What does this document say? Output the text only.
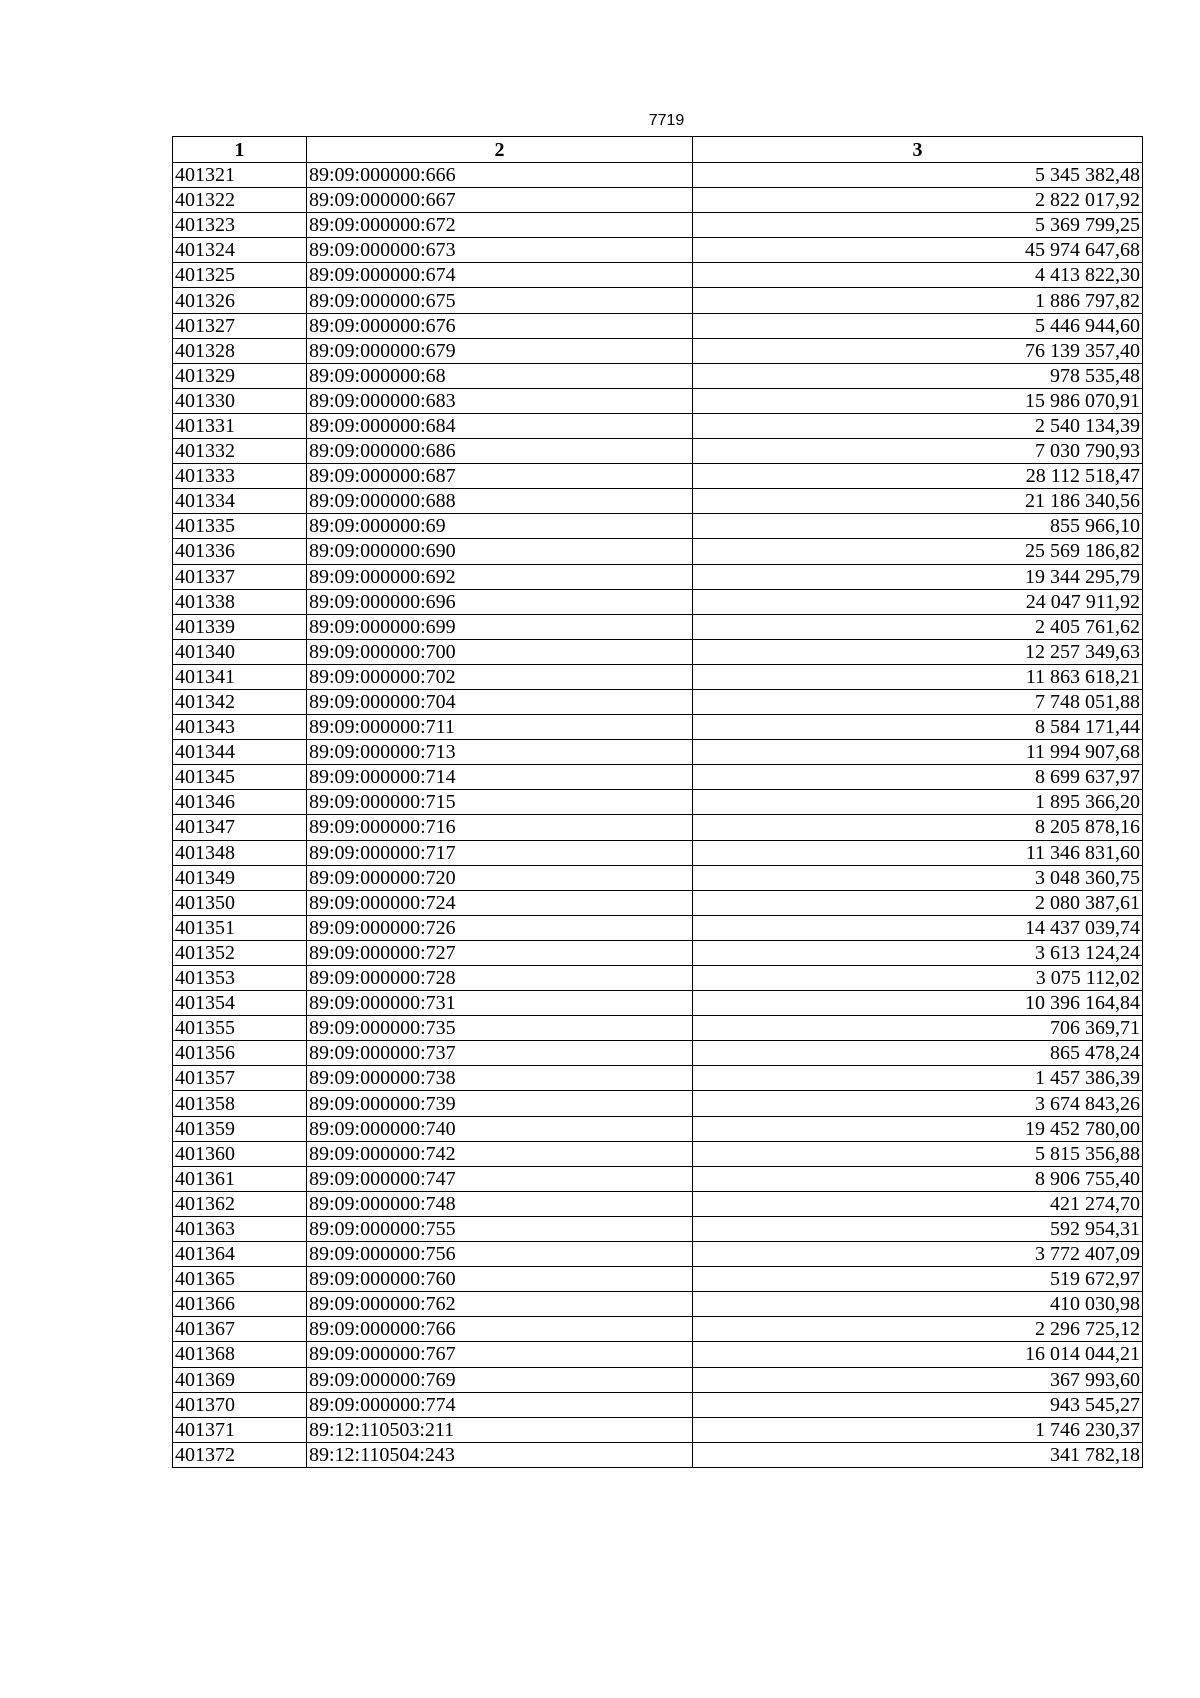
7719
1	2	3
401321	89:09:000000:666	5 345 382,48
401322	89:09:000000:667	2 822 017,92
401323	89:09:000000:672	5 369 799,25
401324	89:09:000000:673	45 974 647,68
401325	89:09:000000:674	4 413 822,30
401326	89:09:000000:675	1 886 797,82
401327	89:09:000000:676	5 446 944,60
401328	89:09:000000:679	76 139 357,40
401329	89:09:000000:68	978 535,48
401330	89:09:000000:683	15 986 070,91
401331	89:09:000000:684	2 540 134,39
401332	89:09:000000:686	7 030 790,93
401333	89:09:000000:687	28 112 518,47
401334	89:09:000000:688	21 186 340,56
401335	89:09:000000:69	855 966,10
401336	89:09:000000:690	25 569 186,82
401337	89:09:000000:692	19 344 295,79
401338	89:09:000000:696	24 047 911,92
401339	89:09:000000:699	2 405 761,62
401340	89:09:000000:700	12 257 349,63
401341	89:09:000000:702	11 863 618,21
401342	89:09:000000:704	7 748 051,88
401343	89:09:000000:711	8 584 171,44
401344	89:09:000000:713	11 994 907,68
401345	89:09:000000:714	8 699 637,97
401346	89:09:000000:715	1 895 366,20
401347	89:09:000000:716	8 205 878,16
401348	89:09:000000:717	11 346 831,60
401349	89:09:000000:720	3 048 360,75
401350	89:09:000000:724	2 080 387,61
401351	89:09:000000:726	14 437 039,74
401352	89:09:000000:727	3 613 124,24
401353	89:09:000000:728	3 075 112,02
401354	89:09:000000:731	10 396 164,84
401355	89:09:000000:735	706 369,71
401356	89:09:000000:737	865 478,24
401357	89:09:000000:738	1 457 386,39
401358	89:09:000000:739	3 674 843,26
401359	89:09:000000:740	19 452 780,00
401360	89:09:000000:742	5 815 356,88
401361	89:09:000000:747	8 906 755,40
401362	89:09:000000:748	421 274,70
401363	89:09:000000:755	592 954,31
401364	89:09:000000:756	3 772 407,09
401365	89:09:000000:760	519 672,97
401366	89:09:000000:762	410 030,98
401367	89:09:000000:766	2 296 725,12
401368	89:09:000000:767	16 014 044,21
401369	89:09:000000:769	367 993,60
401370	89:09:000000:774	943 545,27
401371	89:12:110503:211	1 746 230,37
401372	89:12:110504:243	341 782,18
